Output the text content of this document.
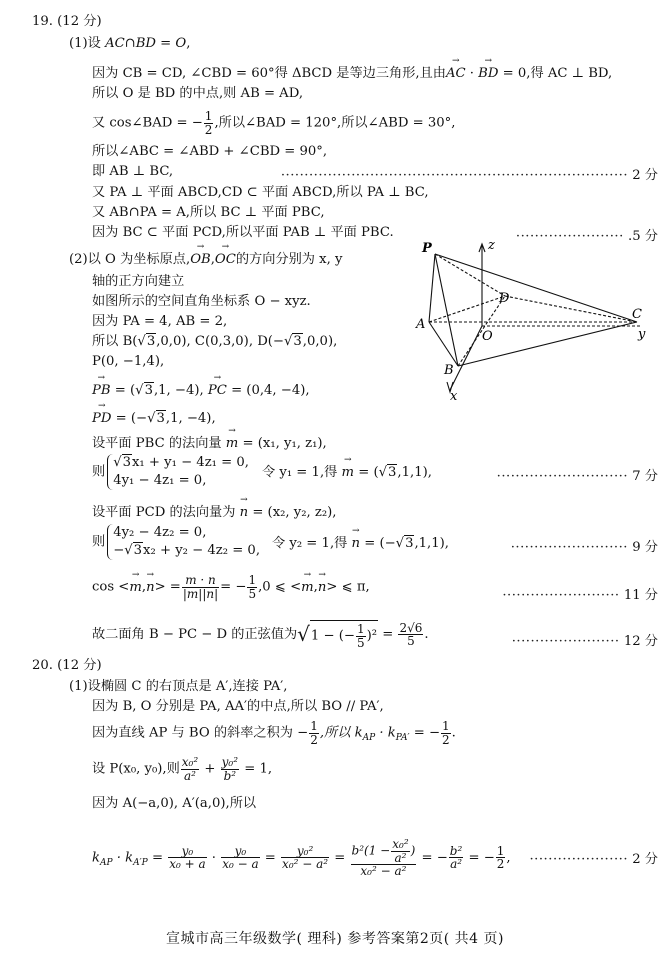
19. (12 分)
(1)设 AC∩BD = O,
因为 CB = CD, ∠CBD = 60°得 ΔBCD 是等边三角形,且由→ AC · → BD = 0,得 AC ⊥ BD,
所以 O 是 BD 的中点,则 AB = AD,
又 cos∠BAD = − $\frac{1}{2}$ ,所以∠BAD = 120°,所以∠ABD = 30°,
所以∠ABC = ∠ABD + ∠CBD = 90°,
即 AB ⊥ BC,	·········································································· 2 分
又 PA ⊥ 平面 ABCD,CD ⊂ 平面 ABCD,所以 PA ⊥ BC,
又 AB∩PA = A,所以 BC ⊥ 平面 PBC,
因为 BC ⊂ 平面 PCD,所以平面 PAB ⊥ 平面 PBC.	······················· .5 分
(2)以 O 为坐标原点,→ OB,→ OC的方向分别为 x, y
轴的正方向建立
如图所示的空间直角坐标系 O − xyz.
因为 PA = 4, AB = 2,
所以 B(√3,0,0), C(0,3,0), D(−√3,0,0),
P(0, −1,4),
→ PB = (√3,1, −4), → PC = (0,4, −4),
→ PD = (−√3,1, −4),
设平面 PBC 的法向量 → m = (x₁, y₁, z₁),
则
√3x₁ + y₁ − 4z₁ = 0,
4y₁ − 4z₁ = 0,
令 y₁ = 1,得 → m = (√3,1,1),	···························· 7 分
设平面 PCD 的法向量为 → n = (x₂, y₂, z₂),
则
4y₂ − 4z₂ = 0,
−√3x₂ + y₂ − 4z₂ = 0, 令 y₂ = 1,得 → n = (−√3,1,1),	························· 9 分
$\cos <\to m,\to n> = \frac{m \cdot n}{|m||n|}$ = − $\frac{1}{5} ,0$ ⩽ <→ m,→ n> ⩽ π,
························· 11 分
故二面角 B − PC − D 的正弦值为√1 − (− $\frac{1}{5} )^2 = \frac{2√6}{5}$ .	······················· 12 分
P	z
D
A
O
C
y
B
x
20. (12 分)
(1)设椭圆 C 的右顶点是 A′,连接 PA′,
因为 B, O 分别是 PA, AA′的中点,所以 BO // PA′,
因为直线 AP 与 BO 的斜率之积为 − $\frac{1}{2}$ ,所以 $k_{AP} \cdot k_{PA'}$ = − $\frac{1}{2}$ .
设 P(x₀, y₀),则 $\frac{\text{x₀²}}{\text{a²}} + \frac{\text{y₀²}}{\text{b²}} = 1$,
因为 A(−a,0), A′(a,0),所以
$k_{AP} \cdot k_{A'P} = \frac{\text{y₀}}{\text{x₀ + a}} \cdot \frac{\text{y₀}}{\text{x₀ − a}} = \frac{\text{y₀²}}{\text{x₀² − a²}} = \frac{b^2(1 - \frac{\text{x₀²}}{\text{a²}} )}{\text{x₀² − a²}}$ = − $\frac{\text{b²}}{\text{a²}}$ = − $\frac{1}{2}$ , ····················· 2 分
宣城市高三年级数学( 理科) 参考答案第2页( 共4 页)
